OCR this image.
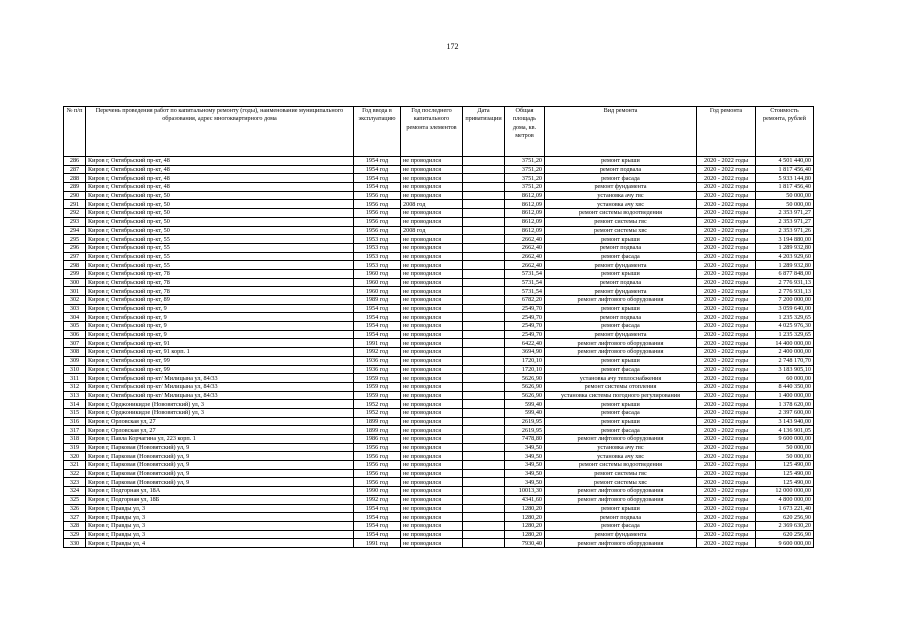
172
№ п/п	Перечень проведения работ по капитальному ремонту (годы), наименование муниципального образования, адрес многоквартирного дома	Год ввода в эксплуатацию	Год последнего капитального ремонта элементов	Дата приватизации	Общая площадь дома, кв. метров	Вид ремонта	Год ремонта	Стоимость ремонта, рублей
286	Киров г, Октябрьский пр-кт, 48	1954 год	не проводился		3751,20	ремонт крыши	2020 - 2022 годы	4 501 440,00
287	Киров г, Октябрьский пр-кт, 48	1954 год	не проводился		3751,20	ремонт подвала	2020 - 2022 годы	1 817 456,40
288	Киров г, Октябрьский пр-кт, 48	1954 год	не проводился		3751,20	ремонт фасада	2020 - 2022 годы	5 933 144,80
289	Киров г, Октябрьский пр-кт, 48	1954 год	не проводился		3751,20	ремонт фундамента	2020 - 2022 годы	1 817 456,40
290	Киров г, Октябрьский пр-кт, 50	1956 год	не проводился		8612,09	установка ачу гвс	2020 - 2022 годы	50 000,00
291	Киров г, Октябрьский пр-кт, 50	1956 год	2008 год		8612,09	установка ачу хвс	2020 - 2022 годы	50 000,00
292	Киров г, Октябрьский пр-кт, 50	1956 год	не проводился		8612,09	ремонт системы водоотведения	2020 - 2022 годы	2 353 971,27
293	Киров г, Октябрьский пр-кт, 50	1956 год	не проводился		8612,09	ремонт системы гвс	2020 - 2022 годы	2 353 971,27
294	Киров г, Октябрьский пр-кт, 50	1956 год	2008 год		8612,09	ремонт системы хвс	2020 - 2022 годы	2 353 971,26
295	Киров г, Октябрьский пр-кт, 55	1953 год	не проводился		2662,40	ремонт крыши	2020 - 2022 годы	3 194 880,00
296	Киров г, Октябрьский пр-кт, 55	1953 год	не проводился		2662,40	ремонт подвала	2020 - 2022 годы	1 289 932,80
297	Киров г, Октябрьский пр-кт, 55	1953 год	не проводился		2662,40	ремонт фасада	2020 - 2022 годы	4 203 929,60
298	Киров г, Октябрьский пр-кт, 55	1953 год	не проводился		2662,40	ремонт фундамента	2020 - 2022 годы	1 289 932,80
299	Киров г, Октябрьский пр-кт, 78	1960 год	не проводился		5731,54	ремонт крыши	2020 - 2022 годы	6 877 848,00
300	Киров г, Октябрьский пр-кт, 78	1960 год	не проводился		5731,54	ремонт подвала	2020 - 2022 годы	2 776 931,13
301	Киров г, Октябрьский пр-кт, 78	1960 год	не проводился		5731,54	ремонт фундамента	2020 - 2022 годы	2 776 931,13
302	Киров г, Октябрьский пр-кт, 89	1989 год	не проводился		6782,20	ремонт лифтового оборудования	2020 - 2022 годы	7 200 000,00
303	Киров г, Октябрьский пр-кт, 9	1954 год	не проводился		2549,70	ремонт крыши	2020 - 2022 годы	3 059 640,00
304	Киров г, Октябрьский пр-кт, 9	1954 год	не проводился		2549,70	ремонт подвала	2020 - 2022 годы	1 235 329,65
305	Киров г, Октябрьский пр-кт, 9	1954 год	не проводился		2549,70	ремонт фасада	2020 - 2022 годы	4 025 976,30
306	Киров г, Октябрьский пр-кт, 9	1954 год	не проводился		2549,70	ремонт фундамента	2020 - 2022 годы	1 235 329,65
307	Киров г, Октябрьский пр-кт, 91	1991 год	не проводился		6422,40	ремонт лифтового оборудования	2020 - 2022 годы	14 400 000,00
308	Киров г, Октябрьский пр-кт, 91 корп. 1	1992 год	не проводился		3694,90	ремонт лифтового оборудования	2020 - 2022 годы	2 400 000,00
309	Киров г, Октябрьский пр-кт, 99	1936 год	не проводился		1720,10	ремонт крыши	2020 - 2022 годы	2 748 170,70
310	Киров г, Октябрьский пр-кт, 99	1936 год	не проводился		1720,10	ремонт фасада	2020 - 2022 годы	3 183 905,10
311	Киров г, Октябрьский пр-кт/ Милицына ул, 84/33	1959 год	не проводился		5626,90	установка ачу теплоснабжения	2020 - 2022 годы	60 000,00
312	Киров г, Октябрьский пр-кт/ Милицына ул, 84/33	1959 год	не проводился		5626,90	ремонт системы отопления	2020 - 2022 годы	8 440 350,00
313	Киров г, Октябрьский пр-кт/ Милицына ул, 84/33	1959 год	не проводился		5626,90	установка системы погодного регулирования	2020 - 2022 годы	1 400 000,00
314	Киров г, Орджоникидзе (Нововятский) ул, 3	1952 год	не проводился		599,40	ремонт крыши	2020 - 2022 годы	1 378 620,00
315	Киров г, Орджоникидзе (Нововятский) ул, 3	1952 год	не проводился		599,40	ремонт фасада	2020 - 2022 годы	2 397 600,00
316	Киров г, Орловская ул, 27	1899 год	не проводился		2619,95	ремонт крыши	2020 - 2022 годы	3 143 940,00
317	Киров г, Орловская ул, 27	1899 год	не проводился		2619,95	ремонт фасада	2020 - 2022 годы	4 136 901,05
318	Киров г, Павла Корчагина ул, 223 корп. 1	1986 год	не проводился		7478,80	ремонт лифтового оборудования	2020 - 2022 годы	9 600 000,00
319	Киров г, Парковая (Нововятский) ул, 9	1956 год	не проводился		349,50	установка ачу гвс	2020 - 2022 годы	50 000,00
320	Киров г, Парковая (Нововятский) ул, 9	1956 год	не проводился		349,50	установка ачу хвс	2020 - 2022 годы	50 000,00
321	Киров г, Парковая (Нововятский) ул, 9	1956 год	не проводился		349,50	ремонт системы водоотведения	2020 - 2022 годы	125 490,00
322	Киров г, Парковая (Нововятский) ул, 9	1956 год	не проводился		349,50	ремонт системы гвс	2020 - 2022 годы	125 490,00
323	Киров г, Парковая (Нововятский) ул, 9	1956 год	не проводился		349,50	ремонт системы хвс	2020 - 2022 годы	125 490,00
324	Киров г, Подгорная ул, 18А	1990 год	не проводился		10013,30	ремонт лифтового оборудования	2020 - 2022 годы	12 000 000,00
325	Киров г, Подгорная ул, 18Б	1992 год	не проводился		4341,60	ремонт лифтового оборудования	2020 - 2022 годы	4 800 000,00
326	Киров г, Правды ул, 3	1954 год	не проводился		1280,20	ремонт крыши	2020 - 2022 годы	1 673 221,40
327	Киров г, Правды ул, 3	1954 год	не проводился		1280,20	ремонт подвала	2020 - 2022 годы	620 256,90
328	Киров г, Правды ул, 3	1954 год	не проводился		1280,20	ремонт фасада	2020 - 2022 годы	2 369 630,20
329	Киров г, Правды ул, 3	1954 год	не проводился		1280,20	ремонт фундамента	2020 - 2022 годы	620 256,90
330	Киров г, Правды ул, 4	1991 год	не проводился		7930,40	ремонт лифтового оборудования	2020 - 2022 годы	9 600 000,00
